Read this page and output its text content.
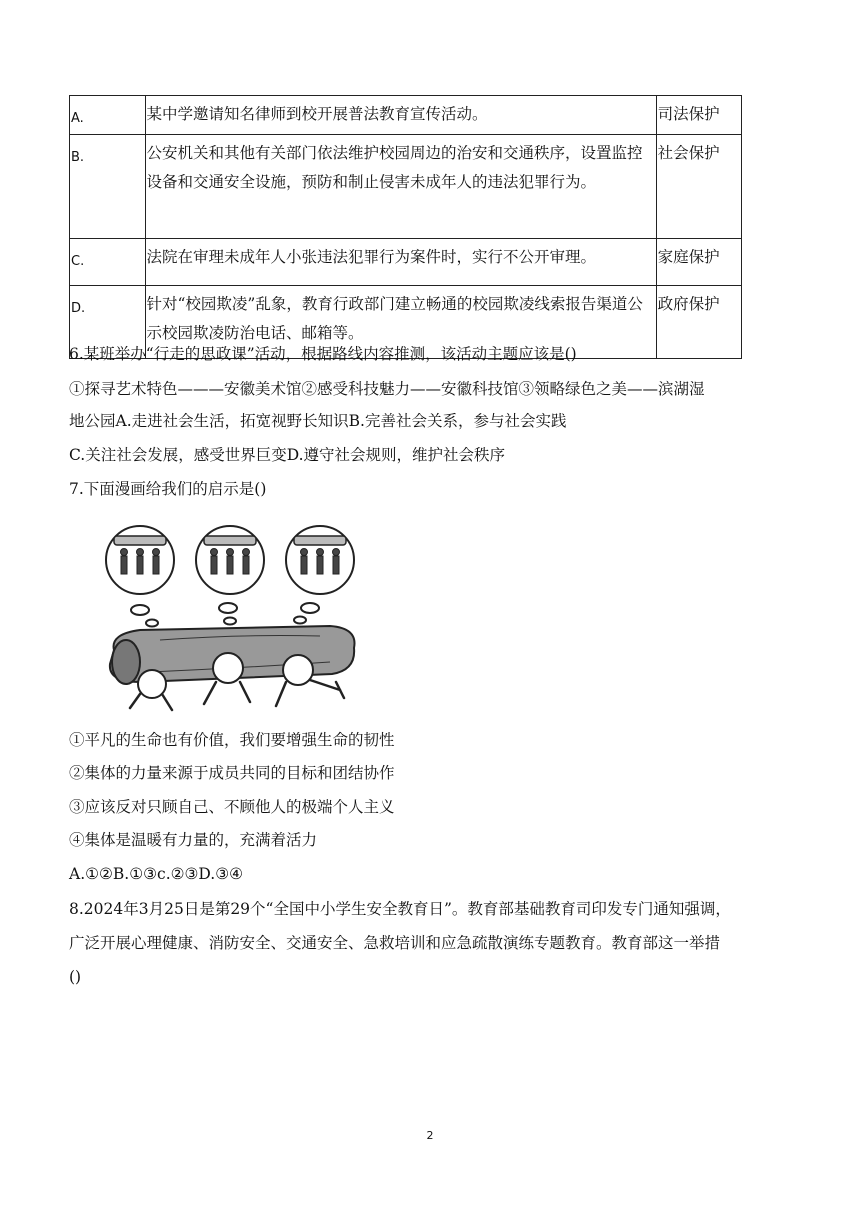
A.	某中学邀请知名律师到校开展普法教育宣传活动。	司法保护
B.	公安机关和其他有关部门依法维护校园周边的治安和交通秩序，设置监控设备和交通安全设施，预防和制止侵害未成年人的违法犯罪行为。	社会保护
C.	法院在审理未成年人小张违法犯罪行为案件时，实行不公开审理。	家庭保护
D.	针对“校园欺凌”乱象，教育行政部门建立畅通的校园欺凌线索报告渠道公示校园欺凌防治电话、邮箱等。	政府保护
6.某班举办“行走的思政课”活动，根据路线内容推测，该活动主题应该是()
①探寻艺术特色———安徽美术馆②感受科技魅力——安徽科技馆③领略绿色之美——滨湖湿
地公园A.走进社会生活，拓宽视野长知识B.完善社会关系，参与社会实践
C.关注社会发展，感受世界巨变D.遵守社会规则，维护社会秩序
7.下面漫画给我们的启示是()
①平凡的生命也有价值，我们要增强生命的韧性
②集体的力量来源于成员共同的目标和团结协作
③应该反对只顾自己、不顾他人的极端个人主义
④集体是温暖有力量的，充满着活力
A.①②B.①③c.②③D.③④
8.2024年3月25日是第29个“全国中小学生安全教育日”。教育部基础教育司印发专门通知强调，
广泛开展心理健康、消防安全、交通安全、急救培训和应急疏散演练专题教育。教育部这一举措
()
2
